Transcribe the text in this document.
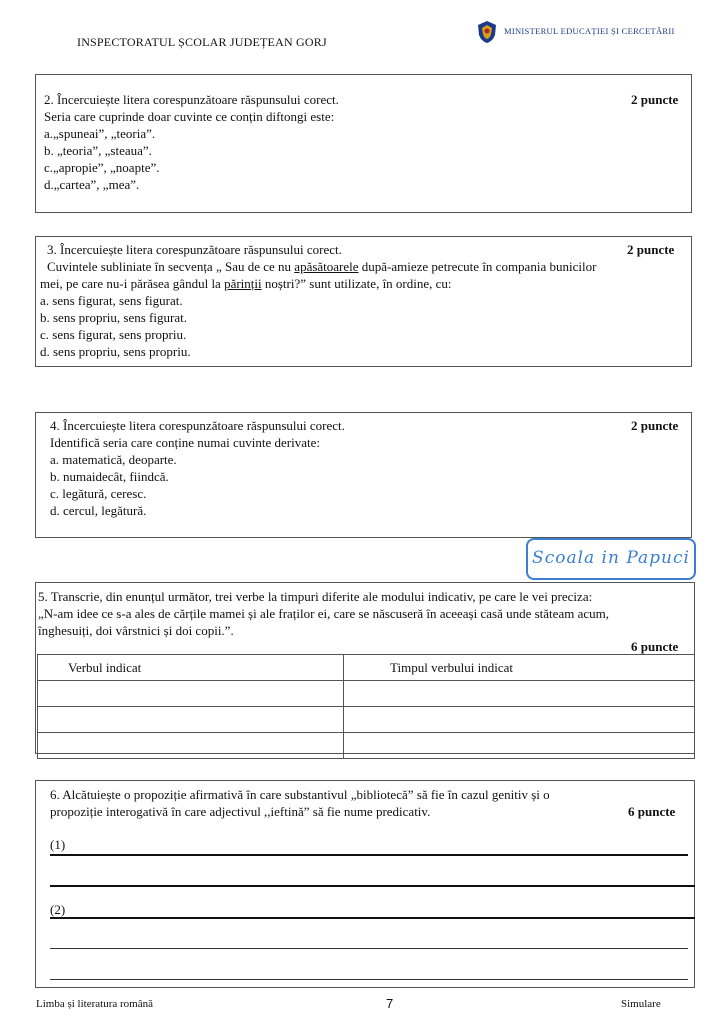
INSPECTORATUL ȘCOLAR JUDEȚEAN GORJ
MINISTERUL EDUCAȚIEI ȘI CERCETĂRII
2. Încercuiește litera corespunzătoare răspunsului corect.	2 puncte
Seria care cuprinde doar cuvinte ce conțin diftongi este:
a.„spuneai”, „teoria”.
b. „teoria”, „steaua”.
c.„apropie”, „noapte”.
d.„cartea”, „mea”.
3. Încercuiește litera corespunzătoare răspunsului corect.	2 puncte
Cuvintele subliniate în secvența „ Sau de ce nu apăsătoarele după-amieze petrecute în compania bunicilor
mei, pe care nu-i părăsea gândul la părinții noștri?” sunt utilizate, în ordine, cu:
a. sens figurat, sens figurat.
b. sens propriu, sens figurat.
c. sens figurat, sens propriu.
d. sens propriu, sens propriu.
4. Încercuiește litera corespunzătoare răspunsului corect.	2 puncte
Identifică seria care conține numai cuvinte derivate:
a. matematică, deoparte.
b. numaidecât, fiindcă.
c. legătură, ceresc.
d. cercul, legătură.
Scoala in Papuci
5. Transcrie, din enunțul următor, trei verbe la timpuri diferite ale modului indicativ, pe care le vei preciza:
„N-am idee ce s-a ales de cărțile mamei și ale fraților ei, care se născuseră în aceeași casă unde stăteam acum,
înghesuiți, doi vârstnici și doi copii.”.
6 puncte
Verbul indicat	Timpul verbului indicat

6. Alcătuiește o propoziție afirmativă în care substantivul „bibliotecă” să fie în cazul genitiv și o
propoziție interogativă în care adjectivul ,,ieftină” să fie nume predicativ.	6 puncte
(1)
(2)
Limba și literatura română	7	Simulare
